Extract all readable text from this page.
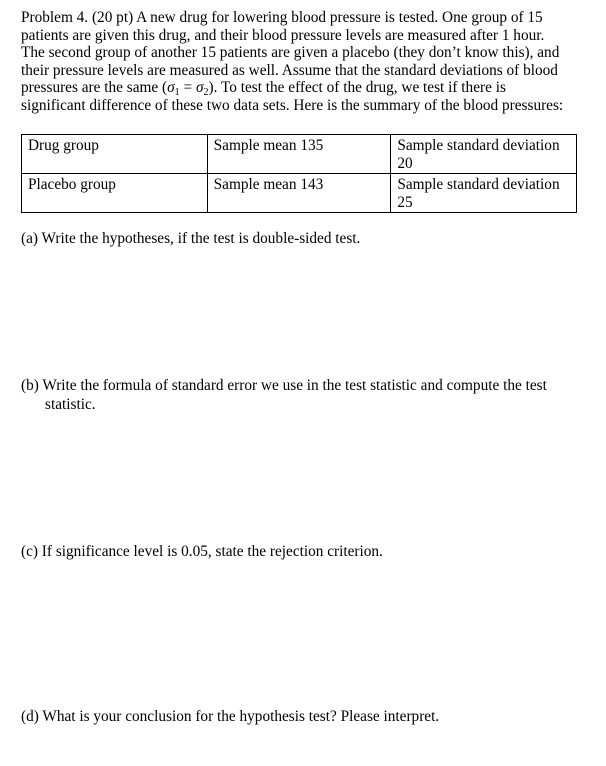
Problem 4. (20 pt) A new drug for lowering blood pressure is tested. One group of 15
patients are given this drug, and their blood pressure levels are measured after 1 hour.
The second group of another 15 patients are given a placebo (they don’t know this), and
their pressure levels are measured as well. Assume that the standard deviations of blood
pressures are the same $(\sigma_1 = \sigma_2)$. To test the effect of the drug, we test if there is
significant difference of these two data sets. Here is the summary of the blood pressures:

Drug group	Sample mean 135	Sample standard deviation
20
Placebo group	Sample mean 143	Sample standard deviation
25

(a) Write the hypotheses, if the test is double-sided test.

(b) Write the formula of standard error we use in the test statistic and compute the test
statistic.

(c) If significance level is 0.05, state the rejection criterion.

(d) What is your conclusion for the hypothesis test? Please interpret.
